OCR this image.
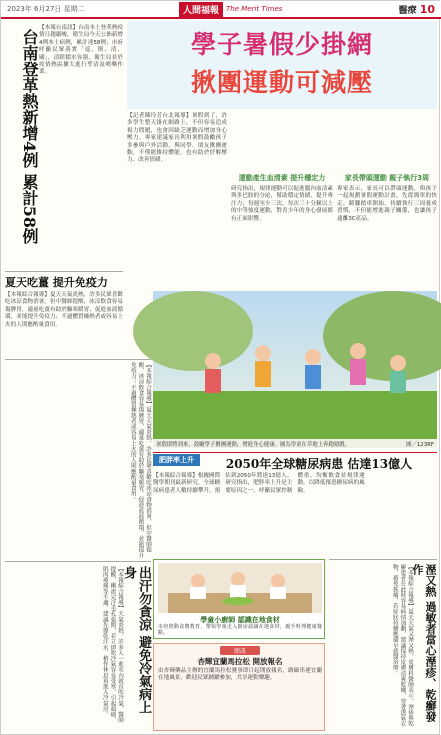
2023年 6月27日 星期二	人間福報	The Merit Times	醫療 10
【本報台南訊】台南本土登革熱疫情日趨嚴峻，衛生局今天公佈新增4例本土病例，累計達58例；市府呼籲民眾落實「巡、倒、清、刷」，清除積水容器，衛生局並於疫情熱區擴大進行孳清及噴藥作業。
台南登革熱新增4例 累計58例
夏天吃薑 提升免疫力
【本報綜合報導】夏天天氣炎熱，許多民眾喜歡吃冰涼食物消暑，但中醫師提醒，冰涼飲食容易傷脾胃，適量吃薑有助於驅寒暖胃、促進血液循環，並能提升免疫力；不過體質燥熱者或容易上火的人則應酌量食用。
【本報綜合報導】夏天天氣炎熱，許多民眾喜歡吃冰涼食物消暑，但中醫師提醒，冰涼飲食容易傷脾胃，適量吃薑有助於驅寒暖胃、促進血液循環，並能提升免疫力；不過體質燥熱者或容易上火的人則應酌量食用。
學子暑假少掛網
揪團運動可減壓
【記者陳玲芳台北報導】暑假到了，許多學生整天掛在網路上，不但容易造成視力問題，也會因缺乏運動而增加身心壓力。專家建議家長利用暑假鼓勵孩子多參與戶外活動，與同學、朋友揪團運動，不僅能維持體能，也有助於紓解壓力、改善情緒。
運動產生血清素 提升穩定力
研究指出，規律運動可以促進腦內血清素與多巴胺的分泌，幫助穩定情緒、提升專注力；每週至少三次、每次三十分鐘以上的中等強度運動，對青少年的身心發展都有正面影響。
家長帶頭運動 親子執行3周
專家表示，家長可以帶頭運動，與孩子一起規劃暑假運動計畫，先從簡單的快走、騎腳踏車開始，持續執行三周養成習慣，不但能增進親子關係，也讓孩子遠離3C產品。
暑假即將到來，鼓勵學子揪團運動，增進身心健康。圖為學童在草地上奔跑嬉戲。	圖／123RF
肥胖率上升	2050年全球糖尿病患 估達13億人
【本報綜合報導】根據國際醫學期刊最新研究，全球糖尿病患者人數持續攀升，預估到2050年將達13億人。研究指出，肥胖率上升是主要原因之一，呼籲民眾控制體重、均衡飲食並規律運動，以降低罹患糖尿病的風險。
出汗勿貪涼 避免冷氣病上身
【本報綜合報導】天氣炎熱，許多人一進室內就直吹冷氣，醫師提醒，剛流完汗毛孔張開，若立即吹冷氣容易受寒，引起頭痛、肌肉痠痛等不適，建議先擦乾汗水、稍作休息再進入冷氣房。	學童小廚師 認識在地食材
市府推動食農教育，帶領學童走入廚房認識在地食材，親手料理健康餐點。
簡訊
杏輝宜蘭馬拉松 開放報名
由杏輝藥品主辦的宜蘭馬拉松賽事即日起開放報名，路線串連宜蘭在地風景，歡迎民眾踴躍參加，共享運動樂趣。	溼又熱 過敏者當心溼疹、乾癬發作
【本報綜合報導】夏天天氣又溼又熱，皮膚科醫師表示，溼疹與乾癬患者在此時容易病情加劇，建議保持皮膚清爽乾燥，穿著透氣衣物，避免抓癢，若症狀持續應儘早就醫治療。
